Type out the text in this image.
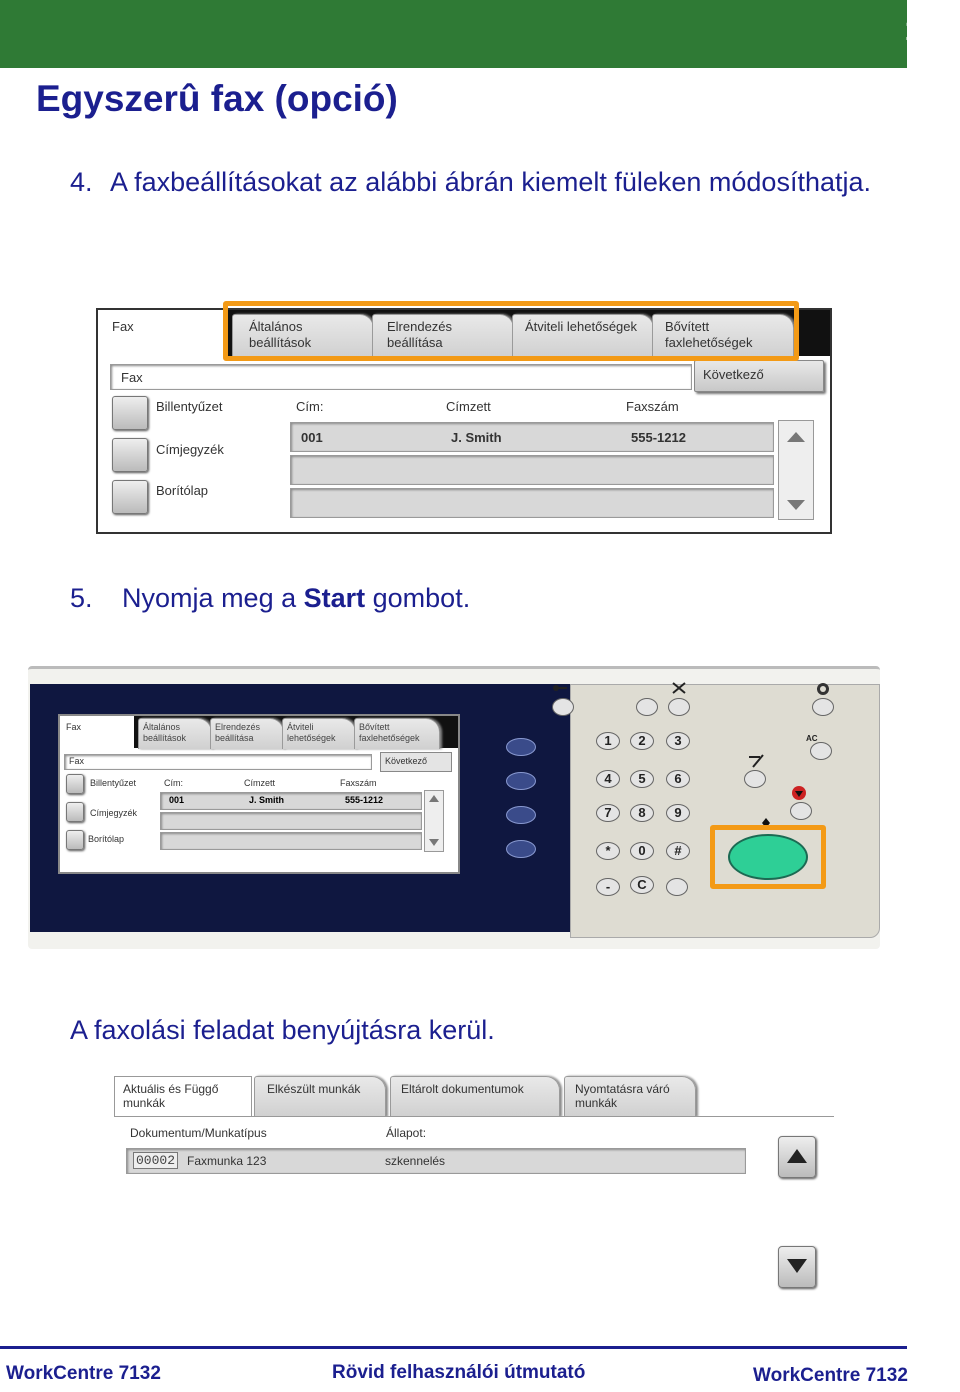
14
Egyszerû fax (opció)
4. A faxbeállításokat az alábbi ábrán kiemelt füleken módosíthatja.
Fax	Általános
beállítások
Elrendezés
beállítása
Átviteli lehetőségek Bővített
faxlehetőségek
Fax	Következő
Billentyűzet
Címjegyzék
Borítólap
Cím:	Címzett	Faxszám
001	J. Smith	555-1212
5. Nyomja meg a Start gombot.
Fax	Általános
beállítások
Elrendezés
beállítása
Átviteli
lehetőségek
Bővített
faxlehetőségek
Fax	Következő
Billentyűzet
Címjegyzék
Borítólap
Cím:	Címzett	Faxszám
001	J. Smith	555-1212
1	2	3
4	5	6
7	8	9
*	0	#
-	C
AC
A faxolási feladat benyújtásra kerül.
Aktuális és Függő
munkák
Elkészült munkák	Eltárolt dokumentumok	Nyomtatásra váró
munkák
Dokumentum/Munkatípus	Állapot:
00002 Faxmunka 123	szkennelés
WorkCentre 7132	Rövid felhasználói útmutató	WorkCentre 7132
